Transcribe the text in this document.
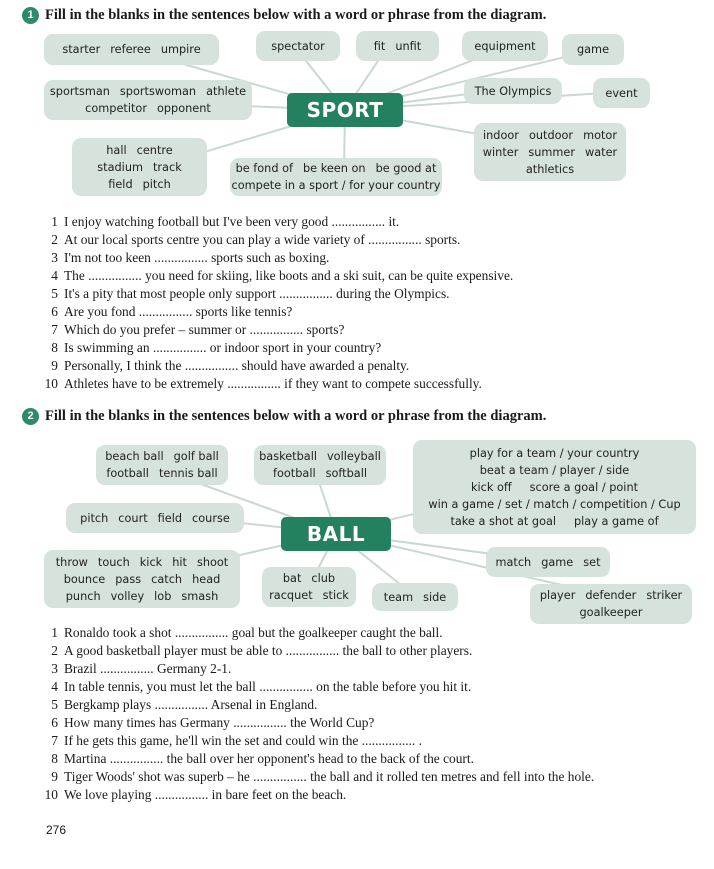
1 Fill in the blanks in the sentences below with a word or phrase from the diagram.
starter referee umpire	spectator	fit unfit	equipment	game
sportsman sportswoman athlete
competitor opponent	SPORT
The Olympics	event
hall centre
stadium track
field pitch
be fond of be keen on be good at
compete in a sport / for your country
indoor outdoor motor
winter summer water
athletics
1 I enjoy watching football but I've been very good ................ it.
2 At our local sports centre you can play a wide variety of ................ sports.
3 I'm not too keen ................ sports such as boxing.
4 The ................ you need for skiing, like boots and a ski suit, can be quite expensive.
5 It's a pity that most people only support ................ during the Olympics.
6 Are you fond ................ sports like tennis?
7 Which do you prefer – summer or ................ sports?
8 Is swimming an ................ or indoor sport in your country?
9 Personally, I think the ................ should have awarded a penalty.
10 Athletes have to be extremely ................ if they want to compete successfully.
2 Fill in the blanks in the sentences below with a word or phrase from the diagram.
beach ball golf ball
football tennis ball
basketball volleyball
football softball
play for a team / your country
beat a team / player / side
kick off     score a goal / point
win a game / set / match / competition / Cup
take a shot at goal     play a game of
pitch court field course
BALL
throw touch kick hit shoot
bounce pass catch head
punch volley lob smash
bat club
racquet stick	team side
match game set
player defender striker
goalkeeper
1 Ronaldo took a shot ................ goal but the goalkeeper caught the ball.
2 A good basketball player must be able to ................ the ball to other players.
3 Brazil ................ Germany 2-1.
4 In table tennis, you must let the ball ................ on the table before you hit it.
5 Bergkamp plays ................ Arsenal in England.
6 How many times has Germany ................ the World Cup?
7 If he gets this game, he'll win the set and could win the ................ .
8 Martina ................ the ball over her opponent's head to the back of the court.
9 Tiger Woods' shot was superb – he ................ the ball and it rolled ten metres and fell into the hole.
10 We love playing ................ in bare feet on the beach.
276
